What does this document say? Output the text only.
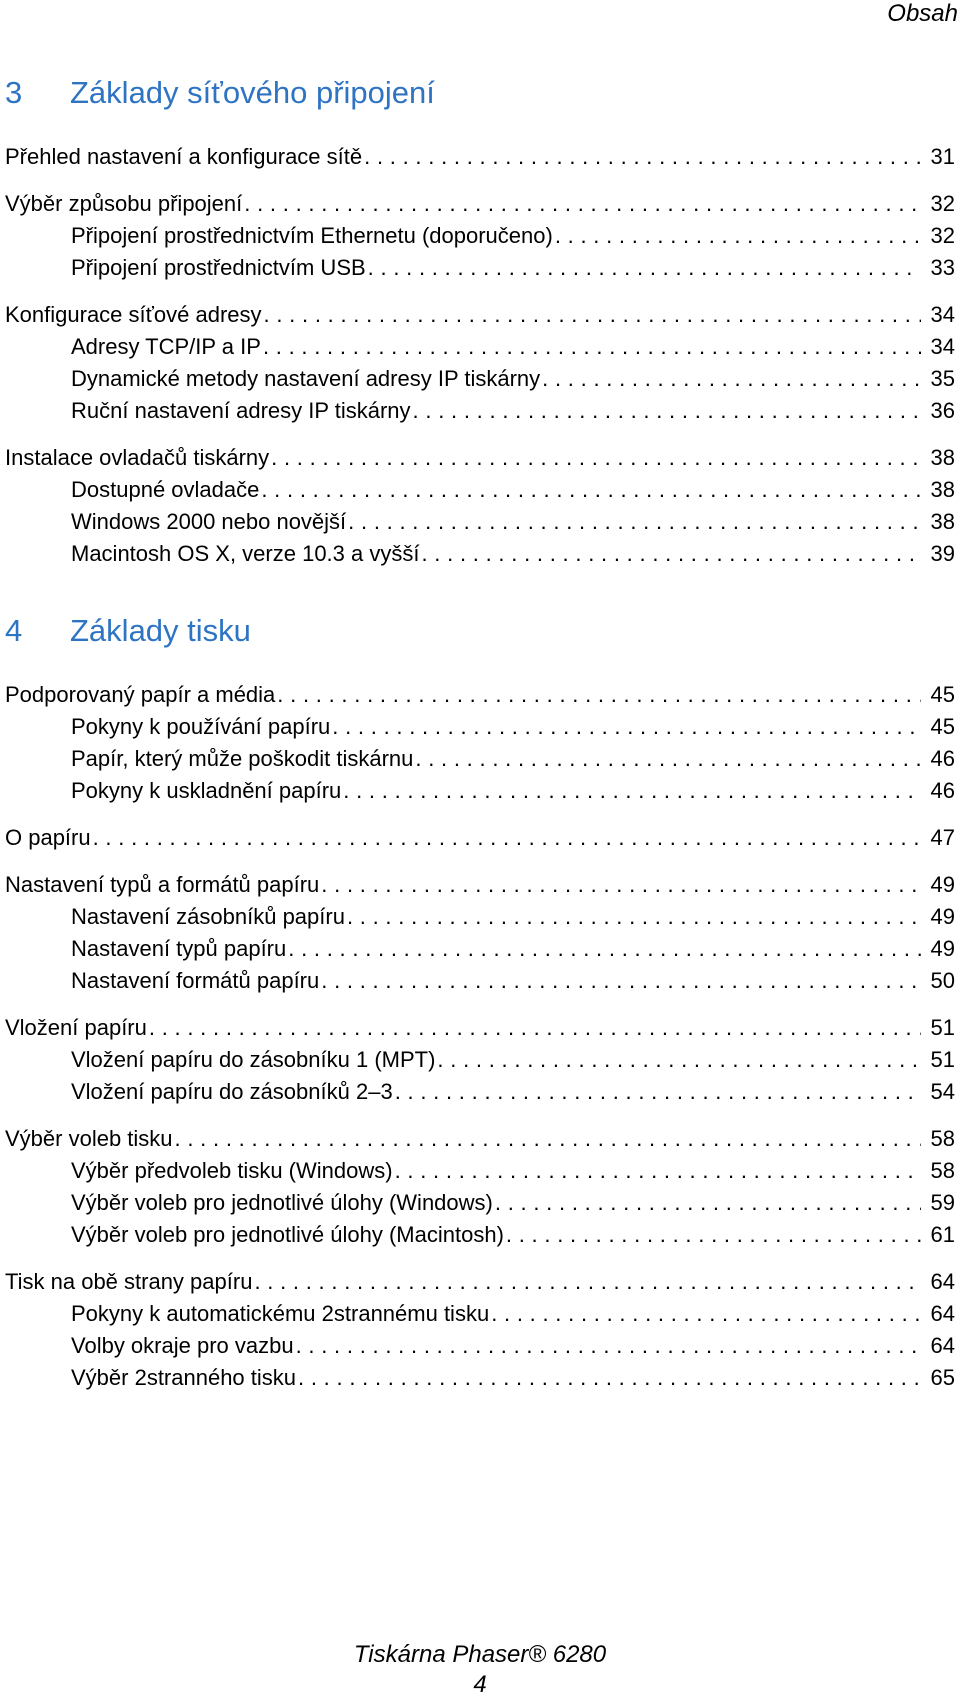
Obsah
3	Základy síťového připojení
Přehled nastavení a konfigurace sítě . . .	31
Výběr způsobu připojení . . .	32
Připojení prostřednictvím Ethernetu (doporučeno) . . .	32
Připojení prostřednictvím USB . . .	33
Konfigurace síťové adresy . . .	34
Adresy TCP/IP a IP . . .	34
Dynamické metody nastavení adresy IP tiskárny . . .	35
Ruční nastavení adresy IP tiskárny . . .	36
Instalace ovladačů tiskárny . . .	38
Dostupné ovladače . . .	38
Windows 2000 nebo novější . . .	38
Macintosh OS X, verze 10.3 a vyšší . . .	39
4	Základy tisku
Podporovaný papír a média . . .	45
Pokyny k používání papíru . . .	45
Papír, který může poškodit tiskárnu . . .	46
Pokyny k uskladnění papíru . . .	46
O papíru . . .	47
Nastavení typů a formátů papíru . . .	49
Nastavení zásobníků papíru . . .	49
Nastavení typů papíru . . .	49
Nastavení formátů papíru . . .	50
Vložení papíru . . .	51
Vložení papíru do zásobníku 1 (MPT) . . .	51
Vložení papíru do zásobníků 2–3 . . .	54
Výběr voleb tisku . . .	58
Výběr předvoleb tisku (Windows) . . .	58
Výběr voleb pro jednotlivé úlohy (Windows) . . .	59
Výběr voleb pro jednotlivé úlohy (Macintosh) . . .	61
Tisk na obě strany papíru . . .	64
Pokyny k automatickému 2strannému tisku . . .	64
Volby okraje pro vazbu . . .	64
Výběr 2stranného tisku . . .	65
Tiskárna Phaser® 6280
4
